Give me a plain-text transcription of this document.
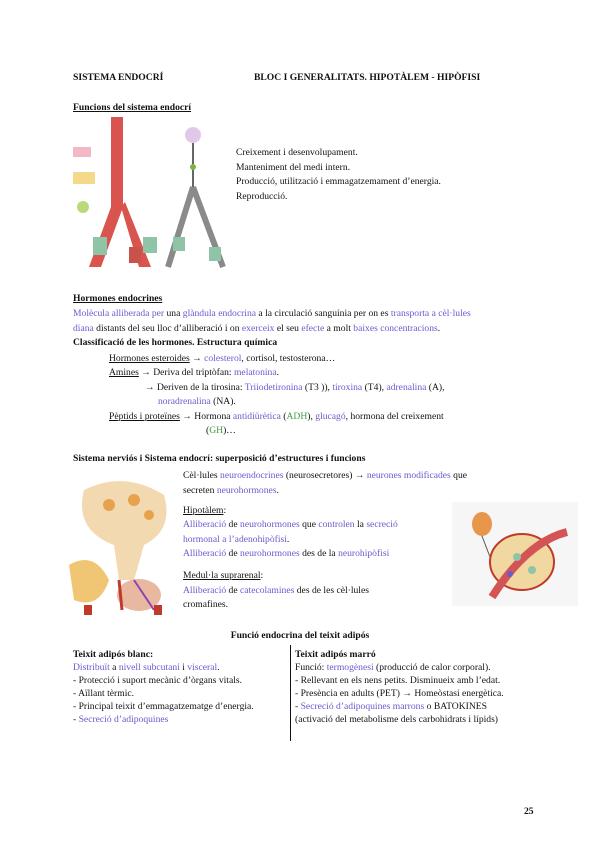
SISTEMA ENDOCRÍ	BLOC I GENERALITATS. HIPOTÀLEM - HIPÒFISI
Funcions del sistema endocrí
Creixement i desenvolupament.
Manteniment del medi intern.
Producció, utilització i emmagatzemament d’energia.
Reproducció.
Hormones endocrines
Molècula alliberada per una glàndula endocrina a la circulació sanguínia per on es transporta a cèl·lules
diana distants del seu lloc d’alliberació i on exerceix el seu efecte a molt baixes concentracions.
Classificació de les hormones. Estructura química
Hormones esteroides → colesterol, cortisol, testosterona…
Amines → Deriva del triptòfan: melatonina.
→ Deriven de la tirosina: Triiodetironina (T3 )), tiroxina (T4), adrenalina (A),
noradrenalina (NA).
Pèptids i proteïnes → Hormona antidiürètica (ADH), glucagó, hormona del creixement
(GH)…
Sistema nerviós i Sistema endocrí: superposició d’estructures i funcions
Cèl·lules neuroendocrines (neurosecretores) → neurones modificades que
secreten neurohormones.
Hipotàlem:
Alliberació de neurohormones que controlen la secreció
hormonal a l’adenohipòfisi.
Alliberació de neurohormones des de la neurohipòfisi
Medul·la suprarenal:
Alliberació de catecolamines des de les cèl·lules
cromafines.
Funció endocrina del teixit adipós
Teixit adipós blanc:
Distribuït a nivell subcutani i visceral.
- Protecció i suport mecànic d’òrgans vitals.
- Aïllant tèrmic.
- Principal teixit d’emmagatzematge d’energia.
- Secreció d’adipoquines
Teixit adipós marró
Funció: termogènesi (producció de calor corporal).
- Rellevant en els nens petits. Disminueix amb l’edat.
- Presència en adults (PET) → Homeòstasi energètica.
- Secreció d’adipoquines marrons o BATOKINES
(activació del metabolisme dels carbohidrats i lípids)
25
